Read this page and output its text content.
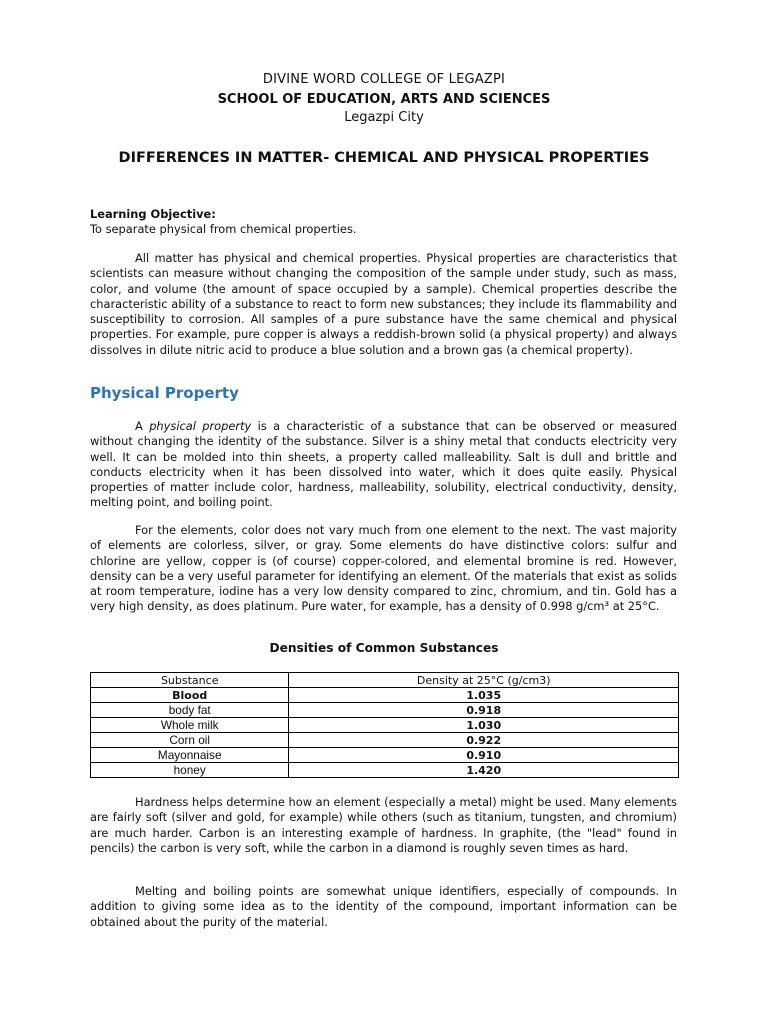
DIVINE WORD COLLEGE OF LEGAZPI
SCHOOL OF EDUCATION, ARTS AND SCIENCES
Legazpi City
DIFFERENCES IN MATTER- CHEMICAL AND PHYSICAL PROPERTIES
Learning Objective:
To separate physical from chemical properties.
All matter has physical and chemical properties. Physical properties are characteristics that scientists can measure without changing the composition of the sample under study, such as mass, color, and volume (the amount of space occupied by a sample). Chemical properties describe the characteristic ability of a substance to react to form new substances; they include its flammability and susceptibility to corrosion. All samples of a pure substance have the same chemical and physical properties. For example, pure copper is always a reddish-brown solid (a physical property) and always dissolves in dilute nitric acid to produce a blue solution and a brown gas (a chemical property).
Physical Property
A physical property is a characteristic of a substance that can be observed or measured without changing the identity of the substance. Silver is a shiny metal that conducts electricity very well. It can be molded into thin sheets, a property called malleability. Salt is dull and brittle and conducts electricity when it has been dissolved into water, which it does quite easily. Physical properties of matter include color, hardness, malleability, solubility, electrical conductivity, density, melting point, and boiling point.
For the elements, color does not vary much from one element to the next. The vast majority of elements are colorless, silver, or gray. Some elements do have distinctive colors: sulfur and chlorine are yellow, copper is (of course) copper-colored, and elemental bromine is red. However, density can be a very useful parameter for identifying an element. Of the materials that exist as solids at room temperature, iodine has a very low density compared to zinc, chromium, and tin. Gold has a very high density, as does platinum. Pure water, for example, has a density of 0.998 g/cm³ at 25°C.
Densities of Common Substances
Substance	Density at 25°C (g/cm3)
Blood	1.035
body fat	0.918
Whole milk	1.030
Corn oil	0.922
Mayonnaise	0.910
honey	1.420
Hardness helps determine how an element (especially a metal) might be used. Many elements are fairly soft (silver and gold, for example) while others (such as titanium, tungsten, and chromium) are much harder. Carbon is an interesting example of hardness. In graphite, (the "lead" found in pencils) the carbon is very soft, while the carbon in a diamond is roughly seven times as hard.
Melting and boiling points are somewhat unique identifiers, especially of compounds. In addition to giving some idea as to the identity of the compound, important information can be obtained about the purity of the material.
